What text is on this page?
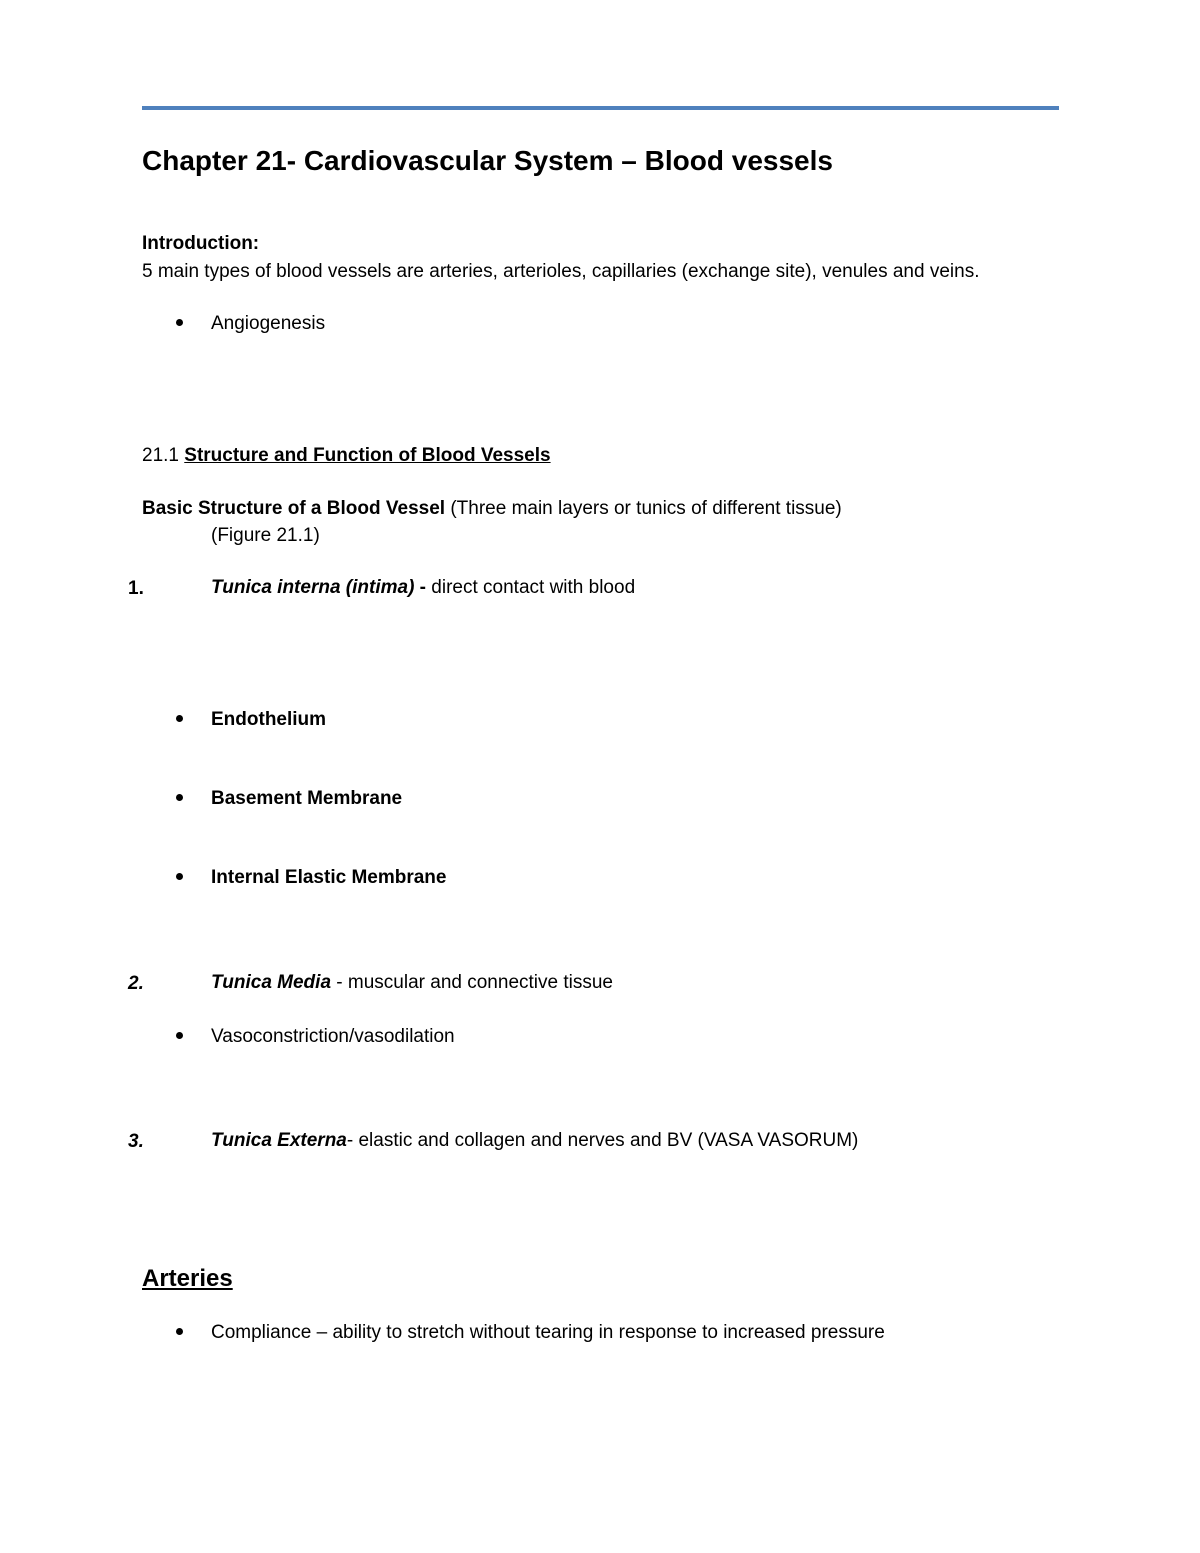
Chapter 21- Cardiovascular System – Blood vessels
Introduction:
5 main types of blood vessels are arteries, arterioles, capillaries (exchange site), venules and veins.
Angiogenesis
21.1 Structure and Function of Blood Vessels
Basic Structure of a Blood Vessel (Three main layers or tunics of different tissue)
(Figure 21.1)
1.	Tunica interna (intima) - direct contact with blood
Endothelium
Basement Membrane
Internal Elastic Membrane
2.	Tunica Media - muscular and connective tissue
Vasoconstriction/vasodilation
3.	Tunica Externa- elastic and collagen and nerves and BV (VASA VASORUM)
Arteries
Compliance – ability to stretch without tearing in response to increased pressure
